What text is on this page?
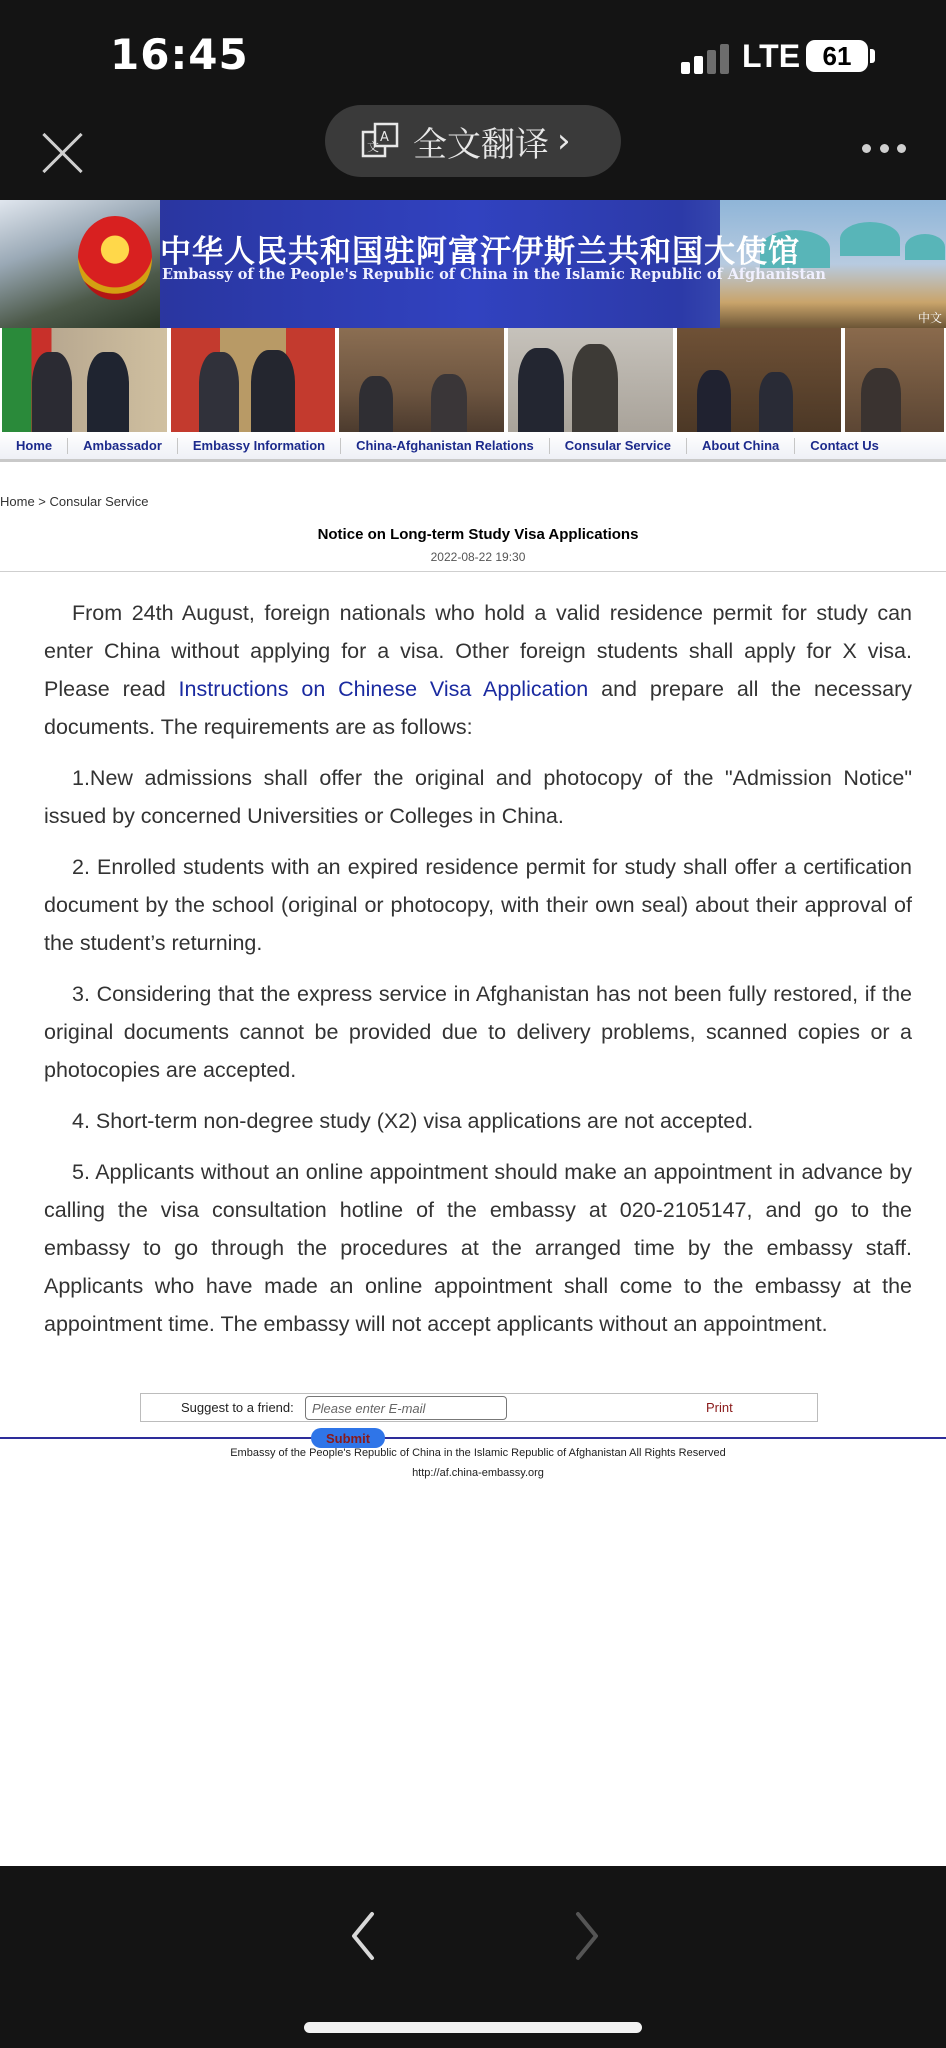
16:45	LTE 61
A
文 全文翻译 ›
中华人民共和国驻阿富汗伊斯兰共和国大使馆
Embassy of the People's Republic of China in the Islamic Republic of Afghanistan
中文
Home	Ambassador	Embassy Information	China-Afghanistan Relations	Consular Service	About China	Contact Us
Home > Consular Service
Notice on Long-term Study Visa Applications
2022-08-22 19:30

From 24th August, foreign nationals who hold a valid residence permit for study can enter China without applying for a visa. Other foreign students shall apply for X visa. Please read Instructions on Chinese Visa Application and prepare all the necessary documents. The requirements are as follows:

1.New admissions shall offer the original and photocopy of the "Admission Notice" issued by concerned Universities or Colleges in China.

2. Enrolled students with an expired residence permit for study shall offer a certification document by the school (original or photocopy, with their own seal) about their approval of the student’s returning.

3. Considering that the express service in Afghanistan has not been fully restored, if the original documents cannot be provided due to delivery problems, scanned copies or a photocopies are accepted.

4. Short-term non-degree study (X2) visa applications are not accepted.

5. Applicants without an online appointment should make an appointment in advance by calling the visa consultation hotline of the embassy at 020-2105147, and go to the embassy to go through the procedures at the arranged time by the embassy staff. Applicants who have made an online appointment shall come to the embassy at the appointment time. The embassy will not accept applicants without an appointment.

Suggest to a friend:
Please enter E-mail	Print
Submit
Embassy of the People's Republic of China in the Islamic Republic of Afghanistan All Rights Reserved
http://af.china-embassy.org
